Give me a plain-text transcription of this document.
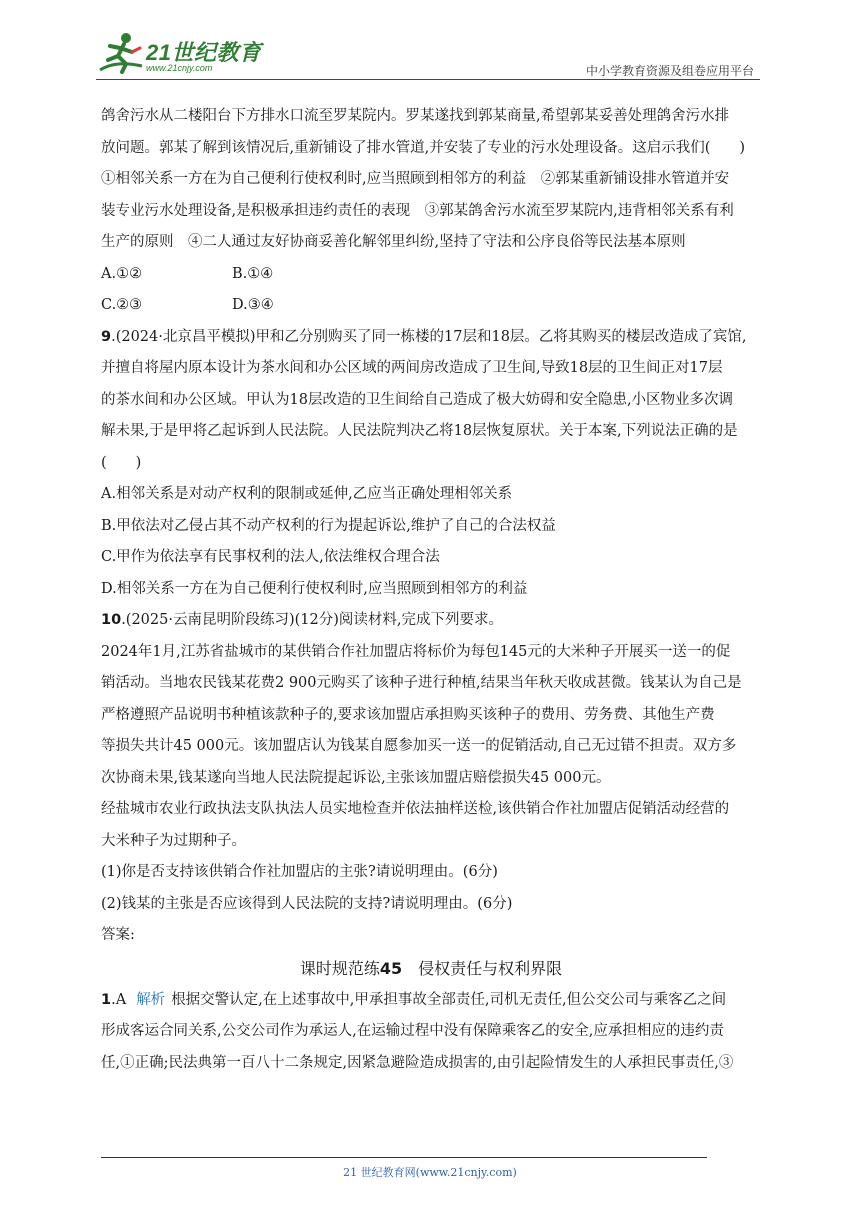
21世纪教育
www.21cnjy.com	中小学教育资源及组卷应用平台
鸽舍污水从二楼阳台下方排水口流至罗某院内。罗某遂找到郭某商量,希望郭某妥善处理鸽舍污水排
放问题。郭某了解到该情况后,重新铺设了排水管道,并安装了专业的污水处理设备。这启示我们(　　)
①相邻关系一方在为自己便利行使权利时,应当照顾到相邻方的利益　②郭某重新铺设排水管道并安
装专业污水处理设备,是积极承担违约责任的表现　③郭某鸽舍污水流至罗某院内,违背相邻关系有利
生产的原则　④二人通过友好协商妥善化解邻里纠纷,坚持了守法和公序良俗等民法基本原则
A.①②	B.①④
C.②③	D.③④
9.(2024·北京昌平模拟)甲和乙分别购买了同一栋楼的17层和18层。乙将其购买的楼层改造成了宾馆,
并擅自将屋内原本设计为茶水间和办公区域的两间房改造成了卫生间,导致18层的卫生间正对17层
的茶水间和办公区域。甲认为18层改造的卫生间给自己造成了极大妨碍和安全隐患,小区物业多次调
解未果,于是甲将乙起诉到人民法院。人民法院判决乙将18层恢复原状。关于本案,下列说法正确的是
(　　)
A.相邻关系是对动产权利的限制或延伸,乙应当正确处理相邻关系
B.甲依法对乙侵占其不动产权利的行为提起诉讼,维护了自己的合法权益
C.甲作为依法享有民事权利的法人,依法维权合理合法
D.相邻关系一方在为自己便利行使权利时,应当照顾到相邻方的利益
10.(2025·云南昆明阶段练习)(12分)阅读材料,完成下列要求。
2024年1月,江苏省盐城市的某供销合作社加盟店将标价为每包145元的大米种子开展买一送一的促
销活动。当地农民钱某花费2 900元购买了该种子进行种植,结果当年秋天收成甚微。钱某认为自己是
严格遵照产品说明书种植该款种子的,要求该加盟店承担购买该种子的费用、劳务费、其他生产费
等损失共计45 000元。该加盟店认为钱某自愿参加买一送一的促销活动,自己无过错不担责。双方多
次协商未果,钱某遂向当地人民法院提起诉讼,主张该加盟店赔偿损失45 000元。
经盐城市农业行政执法支队执法人员实地检查并依法抽样送检,该供销合作社加盟店促销活动经营的
大米种子为过期种子。
(1)你是否支持该供销合作社加盟店的主张?请说明理由。(6分)
(2)钱某的主张是否应该得到人民法院的支持?请说明理由。(6分)
答案:
课时规范练45　侵权责任与权利界限
1.A 解析 根据交警认定,在上述事故中,甲承担事故全部责任,司机无责任,但公交公司与乘客乙之间
形成客运合同关系,公交公司作为承运人,在运输过程中没有保障乘客乙的安全,应承担相应的违约责
任,①正确;民法典第一百八十二条规定,因紧急避险造成损害的,由引起险情发生的人承担民事责任,③
21 世纪教育网(www.21cnjy.com)
